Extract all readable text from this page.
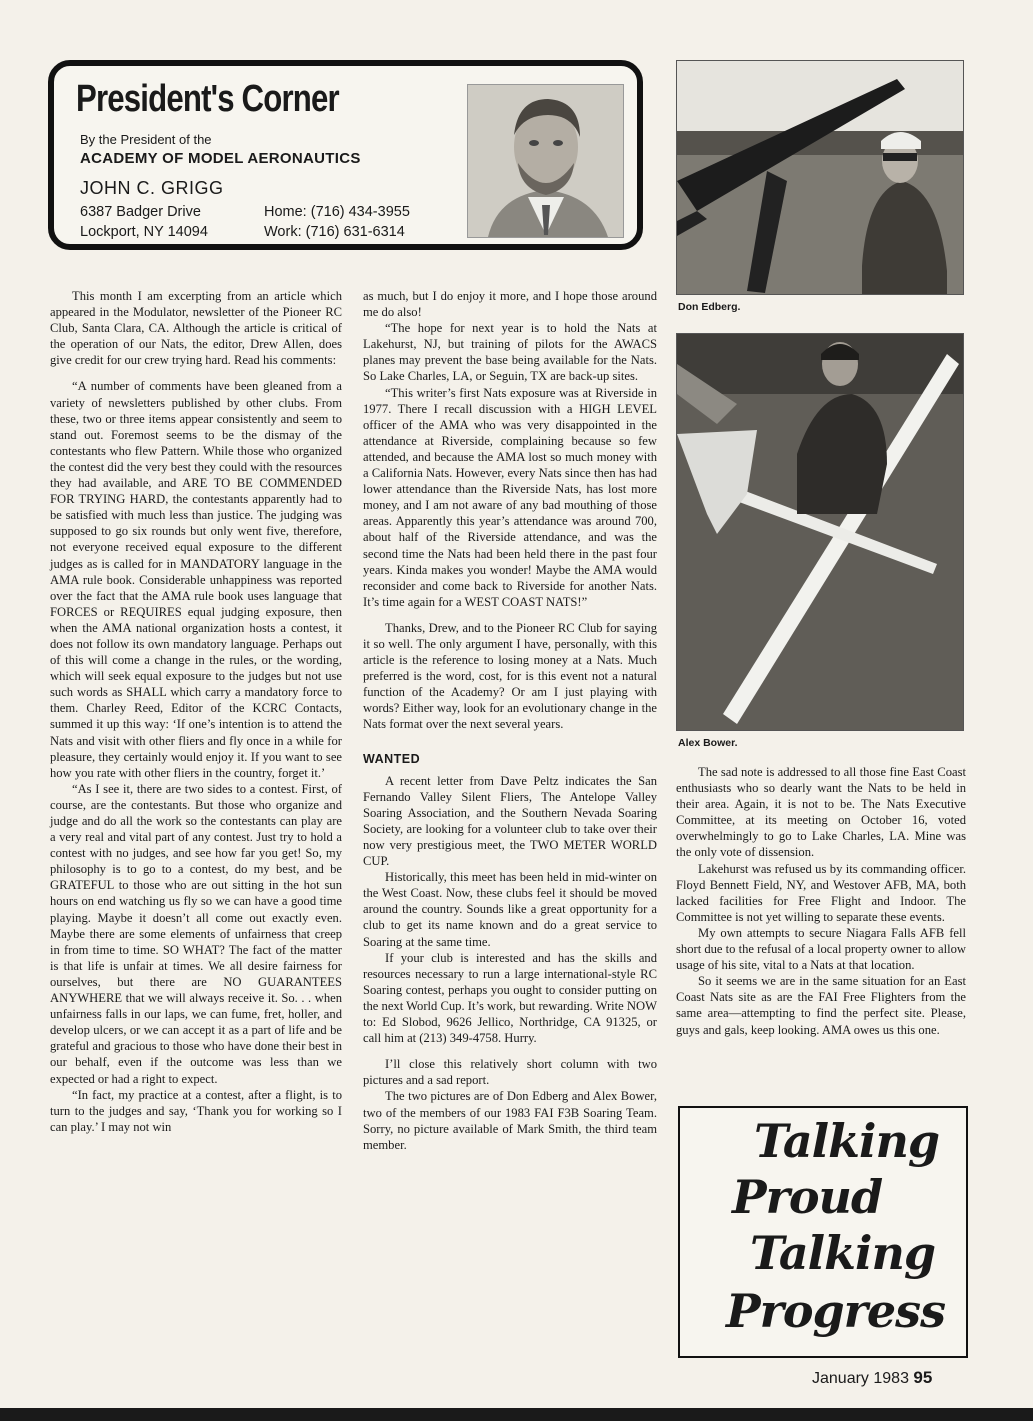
President's Corner
By the President of the
ACADEMY OF MODEL AERONAUTICS
JOHN C. GRIGG
6387 Badger Drive
Lockport, NY 14094
Home: (716) 434-3955
Work: (716) 631-6314
Don Edberg.
Alex Bower.

This month I am excerpting from an article which appeared in the Modulator, newsletter of the Pioneer RC Club, Santa Clara, CA. Although the article is critical of the operation of our Nats, the editor, Drew Allen, does give credit for our crew trying hard. Read his comments:

“A number of comments have been gleaned from a variety of newsletters published by other clubs. From these, two or three items appear consistently and seem to stand out. Foremost seems to be the dismay of the contestants who flew Pattern. While those who organized the contest did the very best they could with the resources they had available, and ARE TO BE COMMENDED FOR TRYING HARD, the contestants apparently had to be satisfied with much less than justice. The judging was supposed to go six rounds but only went five, therefore, not everyone received equal exposure to the different judges as is called for in MANDATORY language in the AMA rule book. Considerable unhappiness was reported over the fact that the AMA rule book uses language that FORCES or REQUIRES equal judging exposure, then when the AMA national organization hosts a contest, it does not follow its own mandatory language. Perhaps out of this will come a change in the rules, or the wording, which will seek equal exposure to the judges but not use such words as SHALL which carry a mandatory force to them. Charley Reed, Editor of the KCRC Contacts, summed it up this way: ‘If one’s intention is to attend the Nats and visit with other fliers and fly once in a while for pleasure, they certainly would enjoy it. If you want to see how you rate with other fliers in the country, forget it.’

“As I see it, there are two sides to a contest. First, of course, are the contestants. But those who organize and judge and do all the work so the contestants can play are a very real and vital part of any contest. Just try to hold a contest with no judges, and see how far you get! So, my philosophy is to go to a contest, do my best, and be GRATEFUL to those who are out sitting in the hot sun hours on end watching us fly so we can have a good time playing. Maybe it doesn’t all come out exactly even. Maybe there are some elements of unfairness that creep in from time to time. SO WHAT? The fact of the matter is that life is unfair at times. We all desire fairness for ourselves, but there are NO GUARANTEES ANYWHERE that we will always receive it. So. . . when unfairness falls in our laps, we can fume, fret, holler, and develop ulcers, or we can accept it as a part of life and be grateful and gracious to those who have done their best in our behalf, even if the outcome was less than we expected or had a right to expect.

“In fact, my practice at a contest, after a flight, is to turn to the judges and say, ‘Thank you for working so I can play.’ I may not win

as much, but I do enjoy it more, and I hope those around me do also!

“The hope for next year is to hold the Nats at Lakehurst, NJ, but training of pilots for the AWACS planes may prevent the base being available for the Nats. So Lake Charles, LA, or Seguin, TX are back-up sites.

“This writer’s first Nats exposure was at Riverside in 1977. There I recall discussion with a HIGH LEVEL officer of the AMA who was very disappointed in the attendance at Riverside, complaining because so few attended, and because the AMA lost so much money with a California Nats. However, every Nats since then has had lower attendance than the Riverside Nats, has lost more money, and I am not aware of any bad mouthing of those areas. Apparently this year’s attendance was around 700, about half of the Riverside attendance, and was the second time the Nats had been held there in the past four years. Kinda makes you wonder! Maybe the AMA would reconsider and come back to Riverside for another Nats. It’s time again for a WEST COAST NATS!”

Thanks, Drew, and to the Pioneer RC Club for saying it so well. The only argument I have, personally, with this article is the reference to losing money at a Nats. Much preferred is the word, cost, for is this event not a natural function of the Academy? Or am I just playing with words? Either way, look for an evolutionary change in the Nats format over the next several years.

WANTED

A recent letter from Dave Peltz indicates the San Fernando Valley Silent Fliers, The Antelope Valley Soaring Association, and the Southern Nevada Soaring Society, are looking for a volunteer club to take over their now very prestigious meet, the TWO METER WORLD CUP.

Historically, this meet has been held in mid-winter on the West Coast. Now, these clubs feel it should be moved around the country. Sounds like a great opportunity for a club to get its name known and do a great service to Soaring at the same time.

If your club is interested and has the skills and resources necessary to run a large international-style RC Soaring contest, perhaps you ought to consider putting on the next World Cup. It’s work, but rewarding. Write NOW to: Ed Slobod, 9626 Jellico, Northridge, CA 91325, or call him at (213) 349-4758. Hurry.

I’ll close this relatively short column with two pictures and a sad report.

The two pictures are of Don Edberg and Alex Bower, two of the members of our 1983 FAI F3B Soaring Team. Sorry, no picture available of Mark Smith, the third team member.

The sad note is addressed to all those fine East Coast enthusiasts who so dearly want the Nats to be held in their area. Again, it is not to be. The Nats Executive Committee, at its meeting on October 16, voted overwhelmingly to go to Lake Charles, LA. Mine was the only vote of dissension.

Lakehurst was refused us by its commanding officer. Floyd Bennett Field, NY, and Westover AFB, MA, both lacked facilities for Free Flight and Indoor. The Committee is not yet willing to separate these events.

My own attempts to secure Niagara Falls AFB fell short due to the refusal of a local property owner to allow usage of his site, vital to a Nats at that location.

So it seems we are in the same situation for an East Coast Nats site as are the FAI Free Flighters from the same area—attempting to find the perfect site. Please, guys and gals, keep looking. AMA owes us this one.

Talking
Proud
Talking
Progress
January 1983 95
